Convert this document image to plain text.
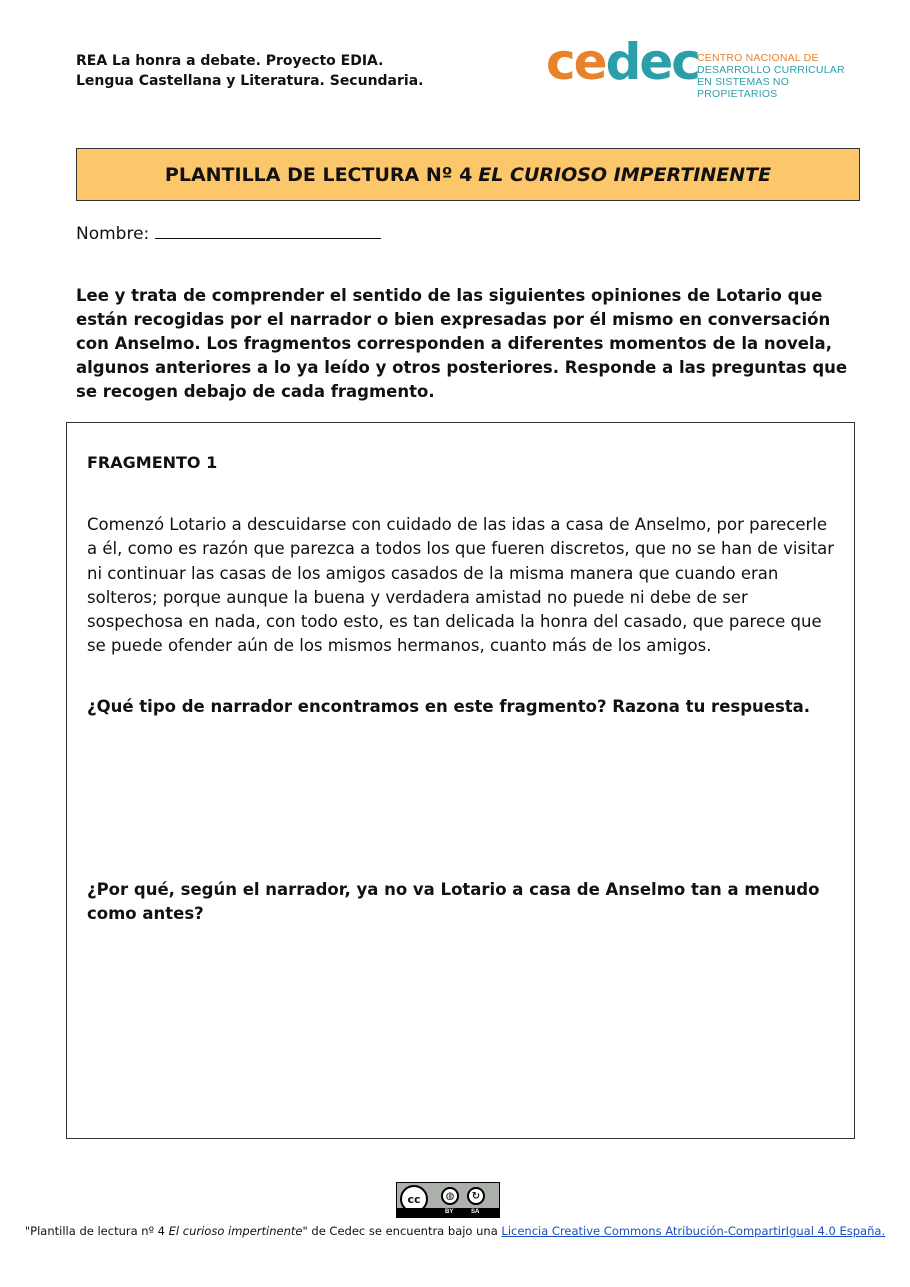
REA La honra a debate. Proyecto EDIA.
Lengua Castellana y Literatura. Secundaria. cedec
CENTRO NACIONAL DE
DESARROLLO CURRICULAR
EN SISTEMAS NO PROPIETARIOS
PLANTILLA DE LECTURA Nº 4 EL CURIOSO IMPERTINENTE
Nombre:
Lee y trata de comprender el sentido de las siguientes opiniones de Lotario que están recogidas por el narrador o bien expresadas por él mismo en conversación con Anselmo. Los fragmentos corresponden a diferentes momentos de la novela, algunos anteriores a lo ya leído y otros posteriores. Responde a las preguntas que se recogen debajo de cada fragmento.
FRAGMENTO 1
Comenzó Lotario a descuidarse con cuidado de las idas a casa de Anselmo, por parecerle a él, como es razón que parezca a todos los que fueren discretos, que no se han de visitar ni continuar las casas de los amigos casados de la misma manera que cuando eran solteros; porque aunque la buena y verdadera amistad no puede ni debe de ser sospechosa en nada, con todo esto, es tan delicada la honra del casado, que parece que se puede ofender aún de los mismos hermanos, cuanto más de los amigos.
¿Qué tipo de narrador encontramos en este fragmento? Razona tu respuesta.
¿Por qué, según el narrador, ya no va Lotario a casa de Anselmo tan a menudo como antes?
cc	◍	↻
BY	SA
"Plantilla de lectura nº 4 El curioso impertinente" de Cedec se encuentra bajo una Licencia Creative Commons Atribución-CompartirIgual 4.0 España.
